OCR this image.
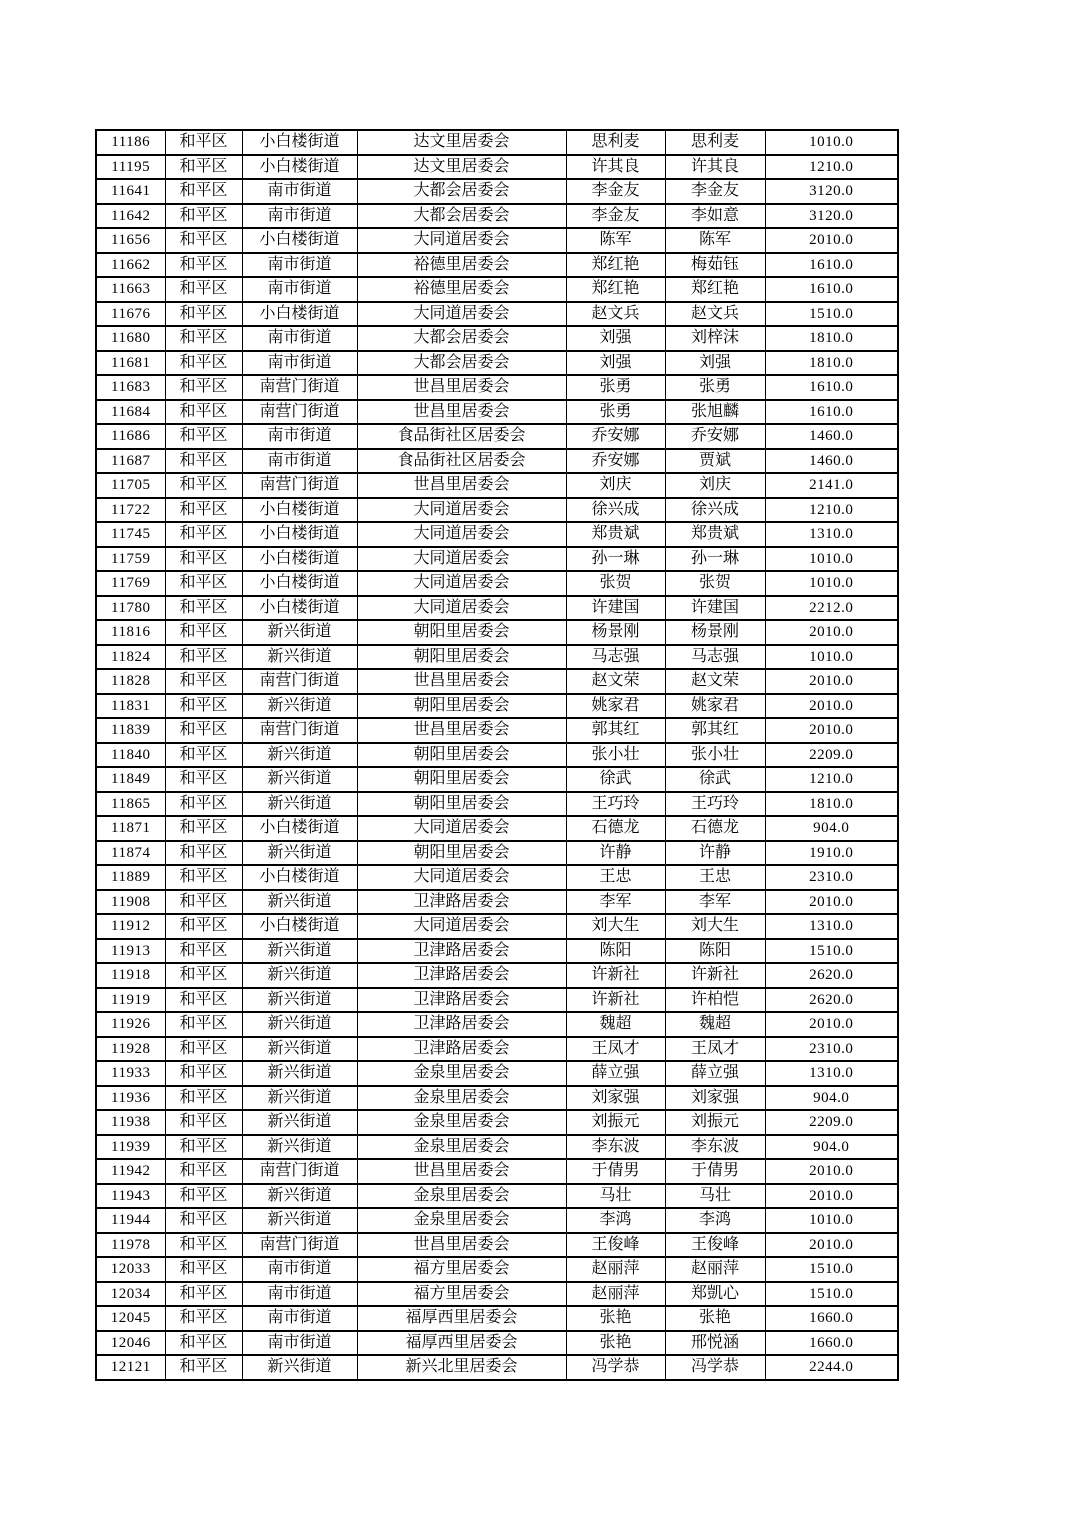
11186	和平区	小白楼街道	达文里居委会	思利麦	思利麦	1010.0
11195	和平区	小白楼街道	达文里居委会	许其良	许其良	1210.0
11641	和平区	南市街道	大都会居委会	李金友	李金友	3120.0
11642	和平区	南市街道	大都会居委会	李金友	李如意	3120.0
11656	和平区	小白楼街道	大同道居委会	陈军	陈军	2010.0
11662	和平区	南市街道	裕德里居委会	郑红艳	梅茹钰	1610.0
11663	和平区	南市街道	裕德里居委会	郑红艳	郑红艳	1610.0
11676	和平区	小白楼街道	大同道居委会	赵文兵	赵文兵	1510.0
11680	和平区	南市街道	大都会居委会	刘强	刘梓沫	1810.0
11681	和平区	南市街道	大都会居委会	刘强	刘强	1810.0
11683	和平区	南营门街道	世昌里居委会	张勇	张勇	1610.0
11684	和平区	南营门街道	世昌里居委会	张勇	张旭麟	1610.0
11686	和平区	南市街道	食品街社区居委会	乔安娜	乔安娜	1460.0
11687	和平区	南市街道	食品街社区居委会	乔安娜	贾斌	1460.0
11705	和平区	南营门街道	世昌里居委会	刘庆	刘庆	2141.0
11722	和平区	小白楼街道	大同道居委会	徐兴成	徐兴成	1210.0
11745	和平区	小白楼街道	大同道居委会	郑贵斌	郑贵斌	1310.0
11759	和平区	小白楼街道	大同道居委会	孙一琳	孙一琳	1010.0
11769	和平区	小白楼街道	大同道居委会	张贺	张贺	1010.0
11780	和平区	小白楼街道	大同道居委会	许建国	许建国	2212.0
11816	和平区	新兴街道	朝阳里居委会	杨景刚	杨景刚	2010.0
11824	和平区	新兴街道	朝阳里居委会	马志强	马志强	1010.0
11828	和平区	南营门街道	世昌里居委会	赵文荣	赵文荣	2010.0
11831	和平区	新兴街道	朝阳里居委会	姚家君	姚家君	2010.0
11839	和平区	南营门街道	世昌里居委会	郭其红	郭其红	2010.0
11840	和平区	新兴街道	朝阳里居委会	张小壮	张小壮	2209.0
11849	和平区	新兴街道	朝阳里居委会	徐武	徐武	1210.0
11865	和平区	新兴街道	朝阳里居委会	王巧玲	王巧玲	1810.0
11871	和平区	小白楼街道	大同道居委会	石德龙	石德龙	904.0
11874	和平区	新兴街道	朝阳里居委会	许静	许静	1910.0
11889	和平区	小白楼街道	大同道居委会	王忠	王忠	2310.0
11908	和平区	新兴街道	卫津路居委会	李军	李军	2010.0
11912	和平区	小白楼街道	大同道居委会	刘大生	刘大生	1310.0
11913	和平区	新兴街道	卫津路居委会	陈阳	陈阳	1510.0
11918	和平区	新兴街道	卫津路居委会	许新社	许新社	2620.0
11919	和平区	新兴街道	卫津路居委会	许新社	许柏恺	2620.0
11926	和平区	新兴街道	卫津路居委会	魏超	魏超	2010.0
11928	和平区	新兴街道	卫津路居委会	王凤才	王凤才	2310.0
11933	和平区	新兴街道	金泉里居委会	薛立强	薛立强	1310.0
11936	和平区	新兴街道	金泉里居委会	刘家强	刘家强	904.0
11938	和平区	新兴街道	金泉里居委会	刘振元	刘振元	2209.0
11939	和平区	新兴街道	金泉里居委会	李东波	李东波	904.0
11942	和平区	南营门街道	世昌里居委会	于倩男	于倩男	2010.0
11943	和平区	新兴街道	金泉里居委会	马壮	马壮	2010.0
11944	和平区	新兴街道	金泉里居委会	李鸿	李鸿	1010.0
11978	和平区	南营门街道	世昌里居委会	王俊峰	王俊峰	2010.0
12033	和平区	南市街道	福方里居委会	赵丽萍	赵丽萍	1510.0
12034	和平区	南市街道	福方里居委会	赵丽萍	郑凱心	1510.0
12045	和平区	南市街道	福厚西里居委会	张艳	张艳	1660.0
12046	和平区	南市街道	福厚西里居委会	张艳	邢悦涵	1660.0
12121	和平区	新兴街道	新兴北里居委会	冯学恭	冯学恭	2244.0
